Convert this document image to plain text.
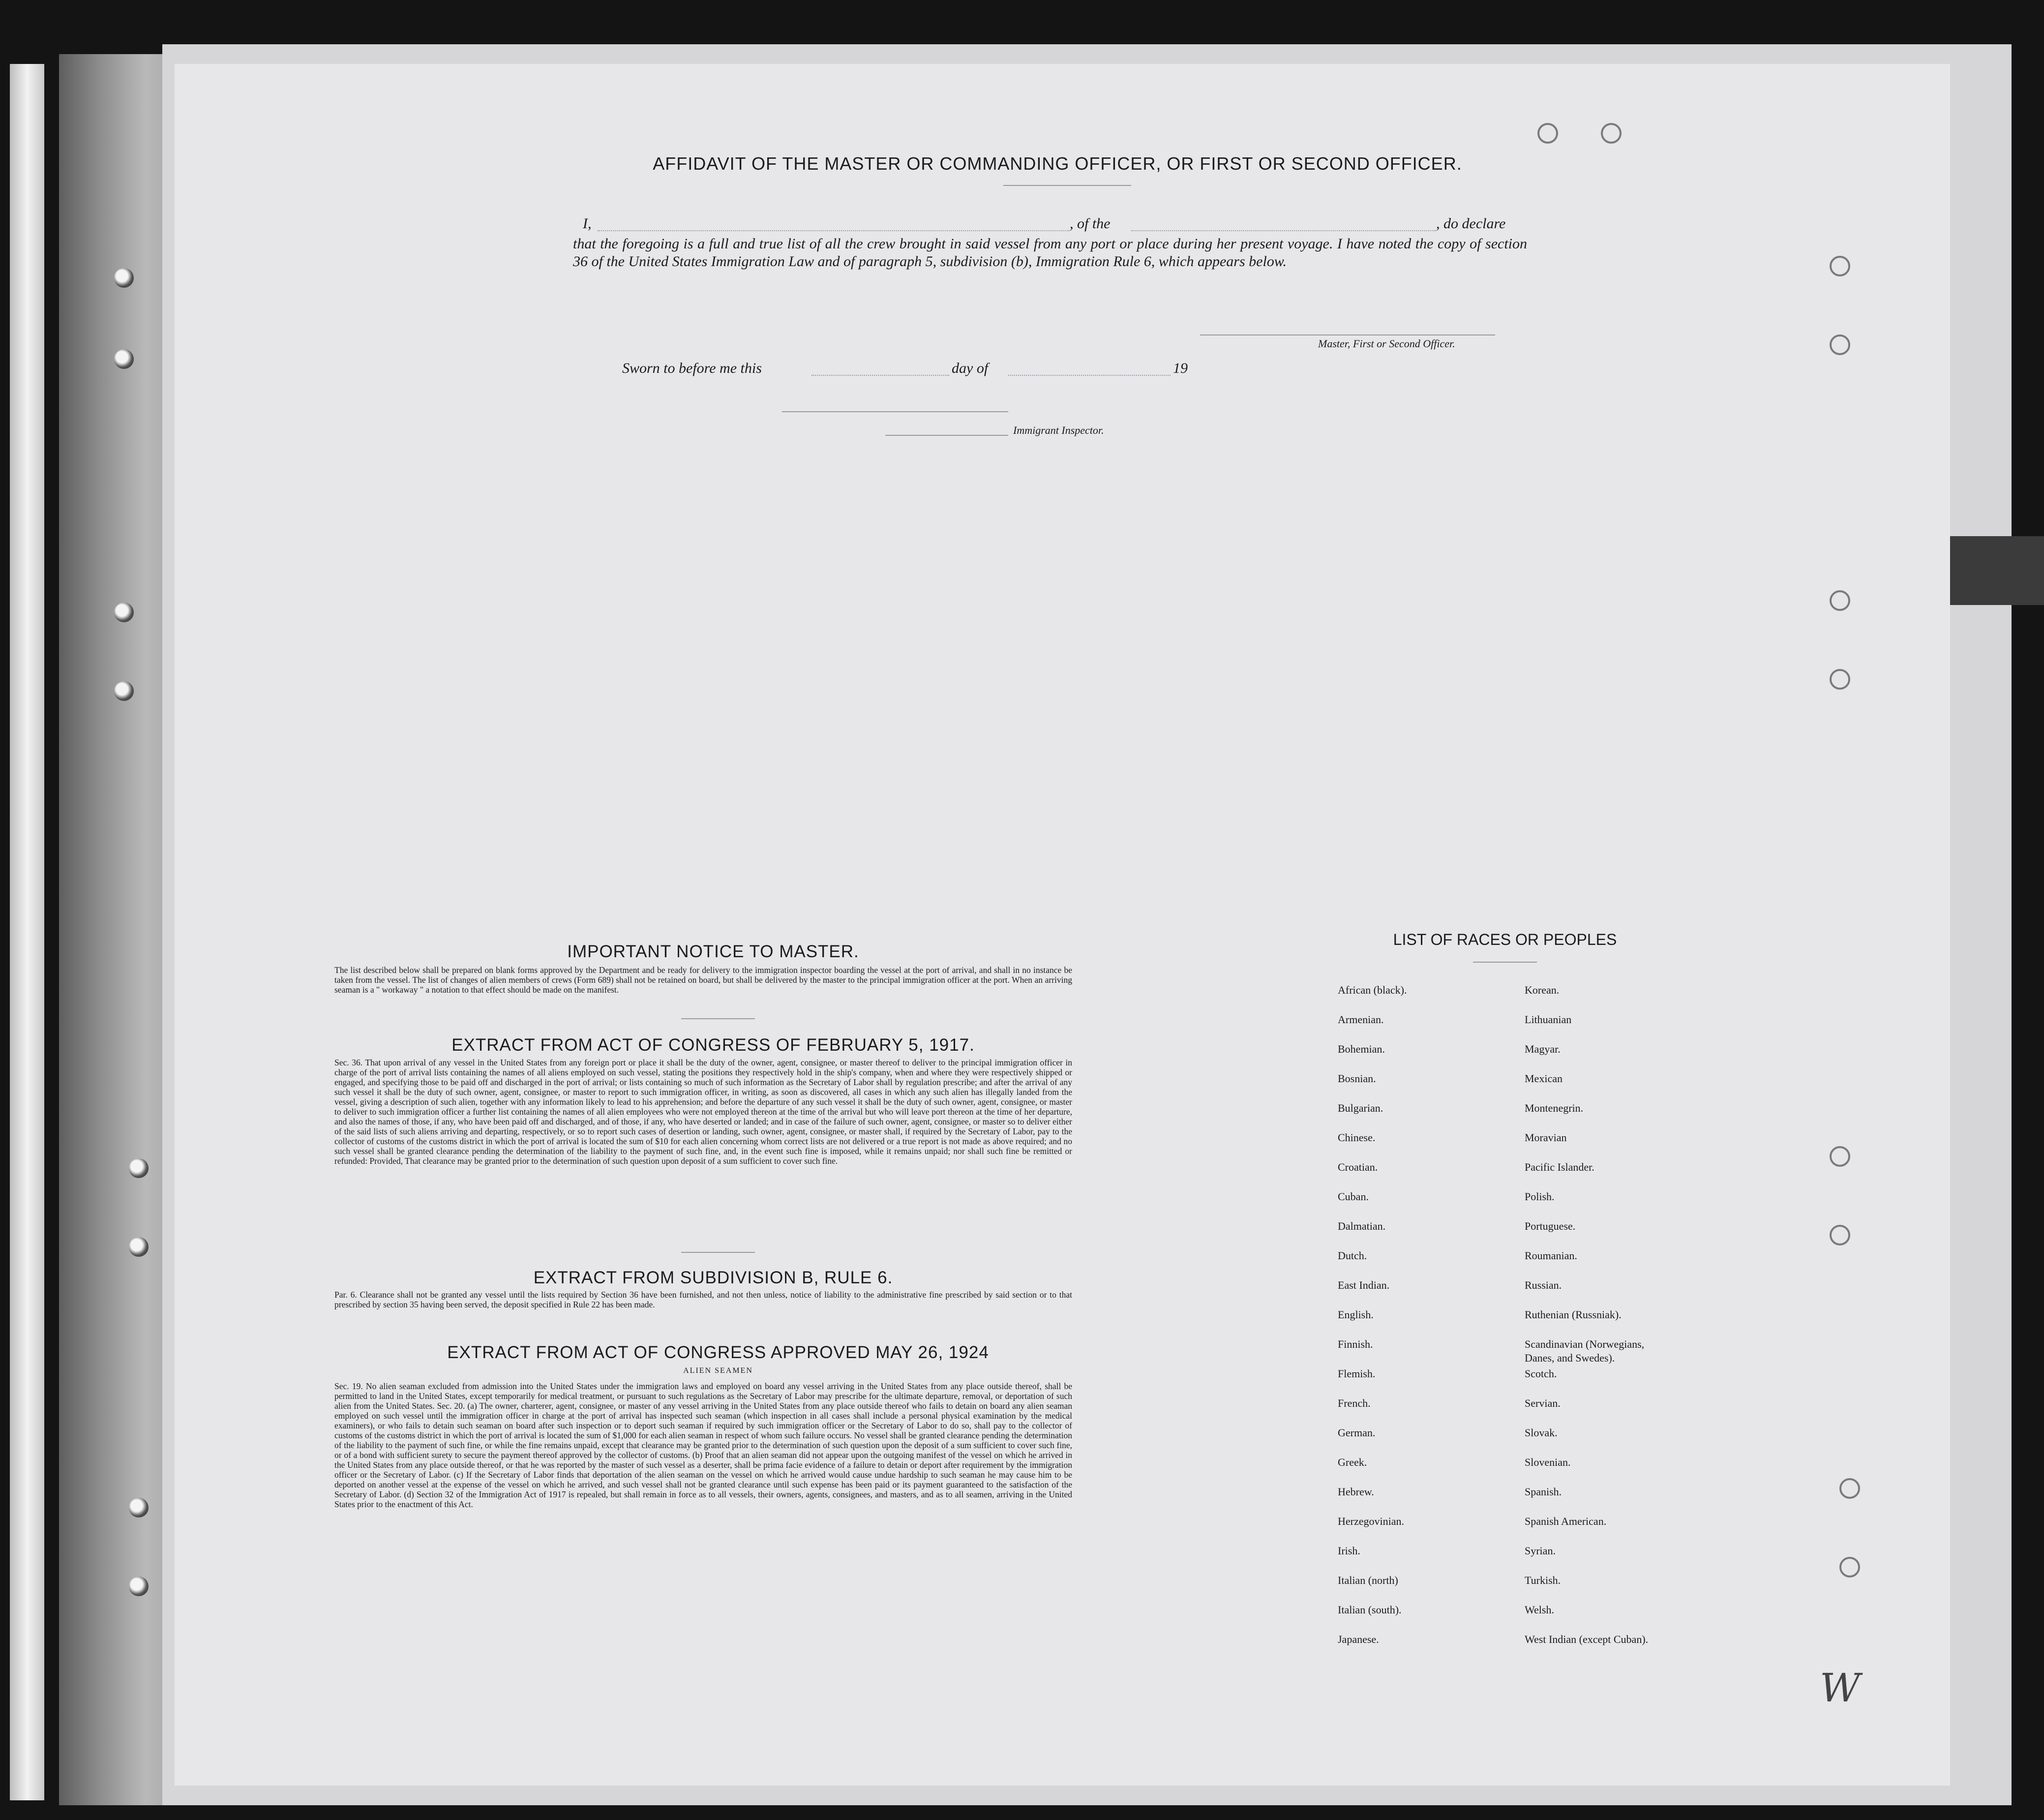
AFFIDAVIT OF THE MASTER OR COMMANDING OFFICER, OR FIRST OR SECOND OFFICER.
I,	, of the	, do declare
that the foregoing is a full and true list of all the crew brought in said vessel from any port or place during her present voyage. I have noted the copy of section 36 of the United States Immigration Law and of paragraph 5, subdivision (b), Immigration Rule 6, which appears below.
Master, First or Second Officer.
Sworn to before me this	day of	19
Immigrant Inspector.
IMPORTANT NOTICE TO MASTER.
The list described below shall be prepared on blank forms approved by the Department and be ready for delivery to the immigration inspector boarding the vessel at the port of arrival, and shall in no instance be taken from the vessel. The list of changes of alien members of crews (Form 689) shall not be retained on board, but shall be delivered by the master to the principal immigration officer at the port. When an arriving seaman is a " workaway " a notation to that effect should be made on the manifest.
EXTRACT FROM ACT OF CONGRESS OF FEBRUARY 5, 1917.
Sec. 36. That upon arrival of any vessel in the United States from any foreign port or place it shall be the duty of the owner, agent, consignee, or master thereof to deliver to the principal immigration officer in charge of the port of arrival lists containing the names of all aliens employed on such vessel, stating the positions they respectively hold in the ship's company, when and where they were respectively shipped or engaged, and specifying those to be paid off and discharged in the port of arrival; or lists containing so much of such information as the Secretary of Labor shall by regulation prescribe; and after the arrival of any such vessel it shall be the duty of such owner, agent, consignee, or master to report to such immigration officer, in writing, as soon as discovered, all cases in which any such alien has illegally landed from the vessel, giving a description of such alien, together with any information likely to lead to his apprehension; and before the departure of any such vessel it shall be the duty of such owner, agent, consignee, or master to deliver to such immigration officer a further list containing the names of all alien employees who were not employed thereon at the time of the arrival but who will leave port thereon at the time of her departure, and also the names of those, if any, who have been paid off and discharged, and of those, if any, who have deserted or landed; and in case of the failure of such owner, agent, consignee, or master so to deliver either of the said lists of such aliens arriving and departing, respectively, or so to report such cases of desertion or landing, such owner, agent, consignee, or master shall, if required by the Secretary of Labor, pay to the collector of customs of the customs district in which the port of arrival is located the sum of $10 for each alien concerning whom correct lists are not delivered or a true report is not made as above required; and no such vessel shall be granted clearance pending the determination of the liability to the payment of such fine, and, in the event such fine is imposed, while it remains unpaid; nor shall such fine be remitted or refunded: Provided, That clearance may be granted prior to the determination of such question upon deposit of a sum sufficient to cover such fine.
EXTRACT FROM SUBDIVISION B, RULE 6.
Par. 6. Clearance shall not be granted any vessel until the lists required by Section 36 have been furnished, and not then unless, notice of liability to the administrative fine prescribed by said section or to that prescribed by section 35 having been served, the deposit specified in Rule 22 has been made.
EXTRACT FROM ACT OF CONGRESS APPROVED MAY 26, 1924
ALIEN SEAMEN
Sec. 19. No alien seaman excluded from admission into the United States under the immigration laws and employed on board any vessel arriving in the United States from any place outside thereof, shall be permitted to land in the United States, except temporarily for medical treatment, or pursuant to such regulations as the Secretary of Labor may prescribe for the ultimate departure, removal, or deportation of such alien from the United States. Sec. 20. (a) The owner, charterer, agent, consignee, or master of any vessel arriving in the United States from any place outside thereof who fails to detain on board any alien seaman employed on such vessel until the immigration officer in charge at the port of arrival has inspected such seaman (which inspection in all cases shall include a personal physical examination by the medical examiners), or who fails to detain such seaman on board after such inspection or to deport such seaman if required by such immigration officer or the Secretary of Labor to do so, shall pay to the collector of customs of the customs district in which the port of arrival is located the sum of $1,000 for each alien seaman in respect of whom such failure occurs. No vessel shall be granted clearance pending the determination of the liability to the payment of such fine, or while the fine remains unpaid, except that clearance may be granted prior to the determination of such question upon the deposit of a sum sufficient to cover such fine, or of a bond with sufficient surety to secure the payment thereof approved by the collector of customs. (b) Proof that an alien seaman did not appear upon the outgoing manifest of the vessel on which he arrived in the United States from any place outside thereof, or that he was reported by the master of such vessel as a deserter, shall be prima facie evidence of a failure to detain or deport after requirement by the immigration officer or the Secretary of Labor. (c) If the Secretary of Labor finds that deportation of the alien seaman on the vessel on which he arrived would cause undue hardship to such seaman he may cause him to be deported on another vessel at the expense of the vessel on which he arrived, and such vessel shall not be granted clearance until such expense has been paid or its payment guaranteed to the satisfaction of the Secretary of Labor. (d) Section 32 of the Immigration Act of 1917 is repealed, but shall remain in force as to all vessels, their owners, agents, consignees, and masters, and as to all seamen, arriving in the United States prior to the enactment of this Act.
LIST OF RACES OR PEOPLES
African (black).
Armenian.
Bohemian.
Bosnian.
Bulgarian.
Chinese.
Croatian.
Cuban.
Dalmatian.
Dutch.
East Indian.
English.
Finnish.
Flemish.
French.
German.
Greek.
Hebrew.
Herzegovinian.
Irish.
Italian (north)
Italian (south).
Japanese.
Korean.
Lithuanian
Magyar.
Mexican
Montenegrin.
Moravian
Pacific Islander.
Polish.
Portuguese.
Roumanian.
Russian.
Ruthenian (Russniak).
Scandinavian (Norwegians,
Danes, and Swedes).
Scotch.
Servian.
Slovak.
Slovenian.
Spanish.
Spanish American.
Syrian.
Turkish.
Welsh.
West Indian (except Cuban).
W
